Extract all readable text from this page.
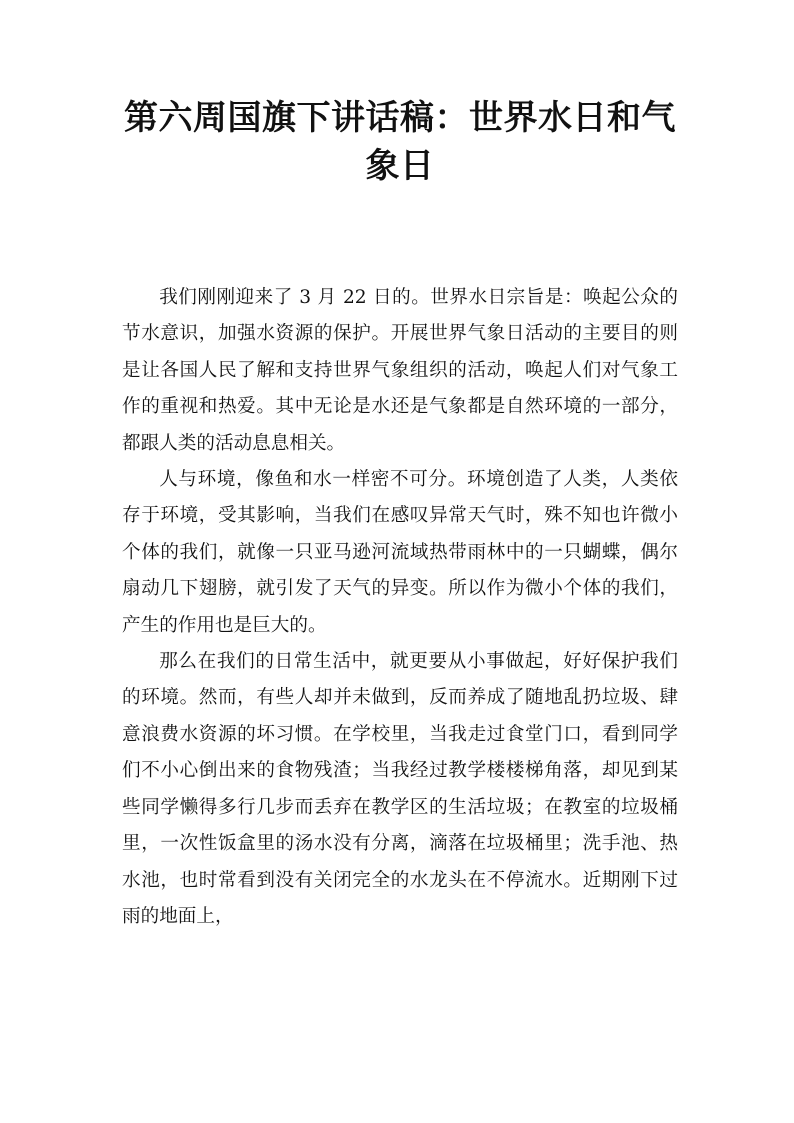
第六周国旗下讲话稿：世界水日和气象日

我们刚刚迎来了 3 月 22 日的。世界水日宗旨是：唤起公众的节水意识，加强水资源的保护。开展世界气象日活动的主要目的则是让各国人民了解和支持世界气象组织的活动，唤起人们对气象工作的重视和热爱。其中无论是水还是气象都是自然环境的一部分，都跟人类的活动息息相关。

人与环境，像鱼和水一样密不可分。环境创造了人类，人类依存于环境，受其影响，当我们在感叹异常天气时，殊不知也许微小个体的我们，就像一只亚马逊河流域热带雨林中的一只蝴蝶，偶尔扇动几下翅膀，就引发了天气的异变。所以作为微小个体的我们，产生的作用也是巨大的。

那么在我们的日常生活中，就更要从小事做起，好好保护我们的环境。然而，有些人却并未做到，反而养成了随地乱扔垃圾、肆意浪费水资源的坏习惯。在学校里，当我走过食堂门口，看到同学们不小心倒出来的食物残渣；当我经过教学楼楼梯角落，却见到某些同学懒得多行几步而丢弃在教学区的生活垃圾；在教室的垃圾桶里，一次性饭盒里的汤水没有分离，滴落在垃圾桶里；洗手池、热水池，也时常看到没有关闭完全的水龙头在不停流水。近期刚下过雨的地面上，
